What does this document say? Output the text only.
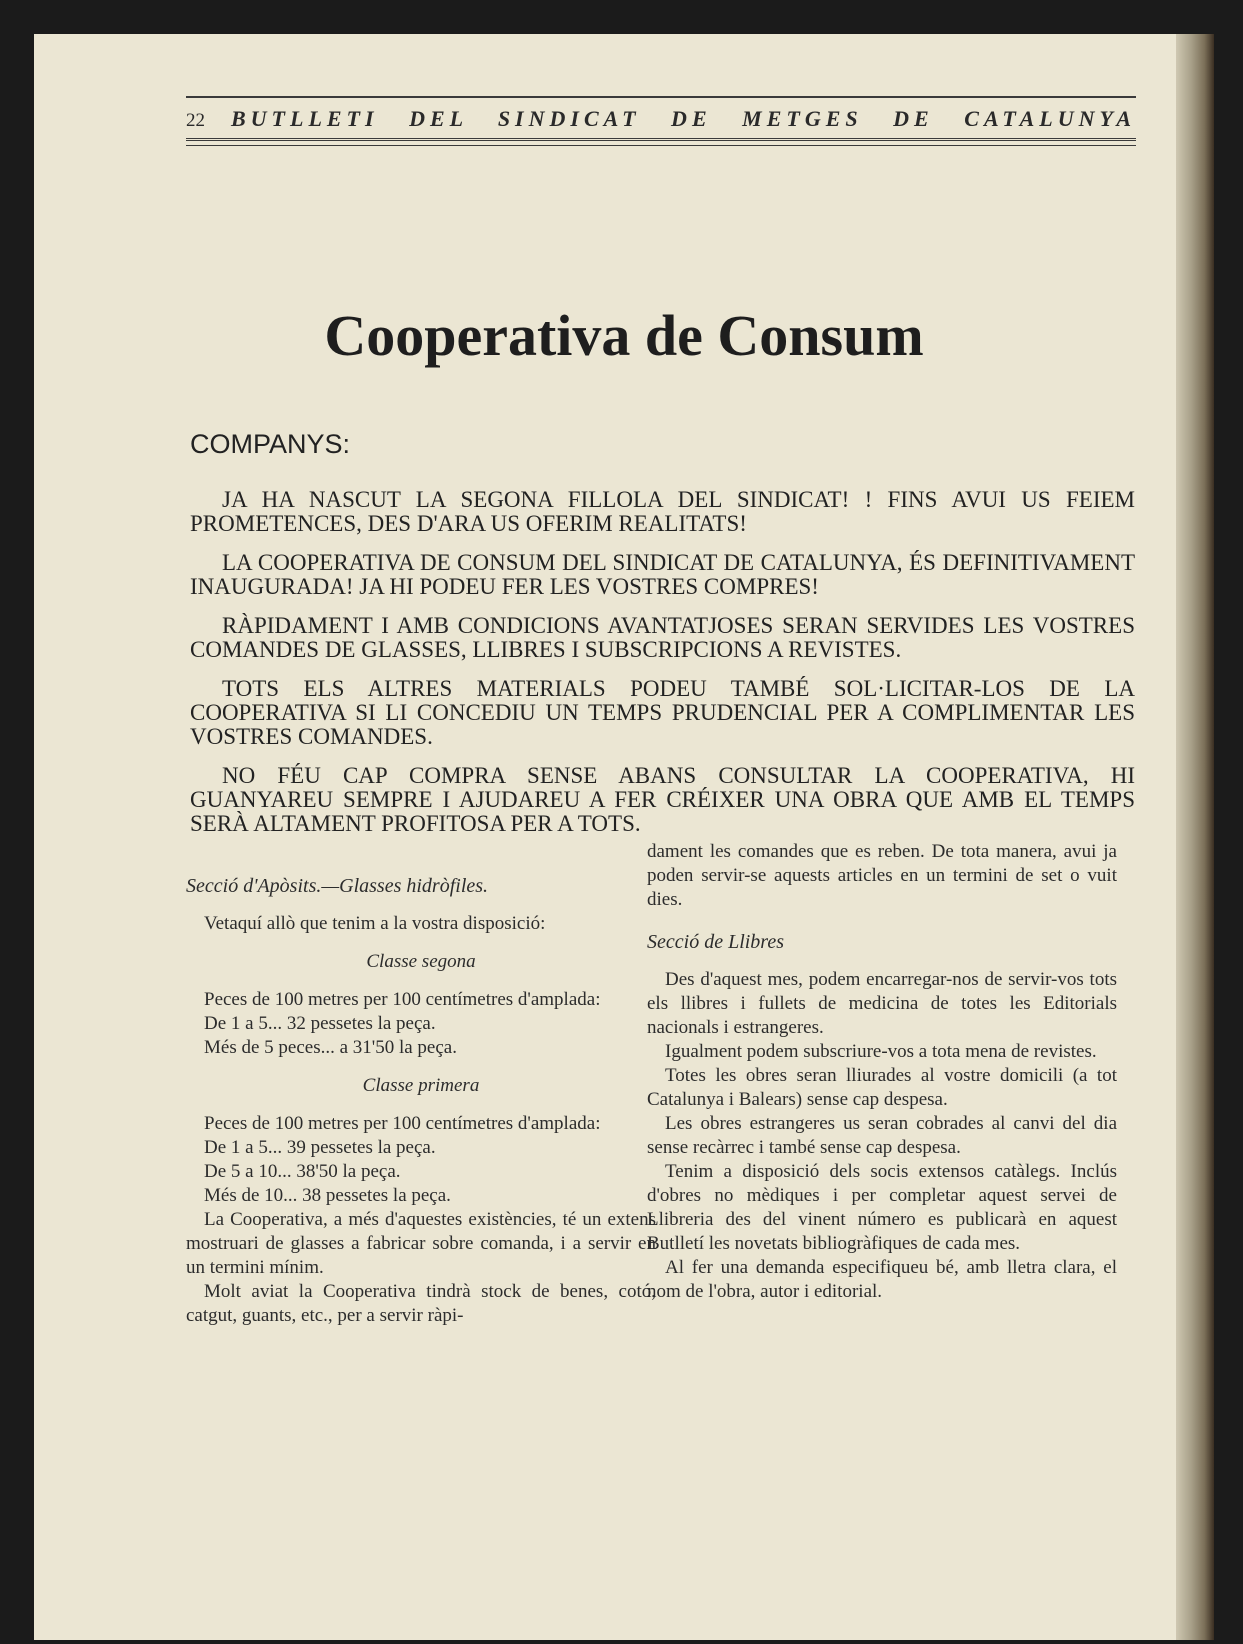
22 BUTLLETI DEL SINDICAT DE METGES DE CATALUNYA
Cooperativa de Consum
COMPANYS:

JA HA NASCUT LA SEGONA FILLOLA DEL SINDICAT! ! FINS AVUI US FEIEM PROMETENCES, DES D'ARA US OFERIM REALITATS!

LA COOPERATIVA DE CONSUM DEL SINDICAT DE CATALUNYA, ÉS DEFINITIVAMENT INAUGURADA! JA HI PODEU FER LES VOSTRES COMPRES!

RÀPIDAMENT I AMB CONDICIONS AVANTATJOSES SERAN SERVIDES LES VOSTRES COMANDES DE GLASSES, LLIBRES I SUBSCRIPCIONS A REVISTES.

TOTS ELS ALTRES MATERIALS PODEU TAMBÉ SOL·LICITAR-LOS DE LA COOPERATIVA SI LI CONCEDIU UN TEMPS PRUDENCIAL PER A COMPLIMENTAR LES VOSTRES COMANDES.

NO FÉU CAP COMPRA SENSE ABANS CONSULTAR LA COOPERATIVA, HI GUANYAREU SEMPRE I AJUDAREU A FER CRÉIXER UNA OBRA QUE AMB EL TEMPS SERÀ ALTAMENT PROFITOSA PER A TOTS.

Secció d'Apòsits.—Glasses hidròfiles.

Vetaquí allò que tenim a la vostra disposició:

Classe segona

Peces de 100 metres per 100 centímetres d'amplada:

De 1 a 5... 32 pessetes la peça.

Més de 5 peces... a 31'50 la peça.

Classe primera

Peces de 100 metres per 100 centímetres d'amplada:

De 1 a 5... 39 pessetes la peça.

De 5 a 10... 38'50 la peça.

Més de 10... 38 pessetes la peça.

La Cooperativa, a més d'aquestes existències, té un extens mostruari de glasses a fabricar sobre comanda, i a servir en un termini mínim.

Molt aviat la Cooperativa tindrà stock de benes, cotó, catgut, guants, etc., per a servir ràpi-

dament les comandes que es reben. De tota manera, avui ja poden servir-se aquests articles en un termini de set o vuit dies.

Secció de Llibres

Des d'aquest mes, podem encarregar-nos de servir-vos tots els llibres i fullets de medicina de totes les Editorials nacionals i estrangeres.

Igualment podem subscriure-vos a tota mena de revistes.

Totes les obres seran lliurades al vostre domicili (a tot Catalunya i Balears) sense cap despesa.

Les obres estrangeres us seran cobrades al canvi del dia sense recàrrec i també sense cap despesa.

Tenim a disposició dels socis extensos catàlegs. Inclús d'obres no mèdiques i per completar aquest servei de Llibreria des del vinent número es publicarà en aquest Butlletí les novetats bibliogràfiques de cada mes.

Al fer una demanda especifiqueu bé, amb lletra clara, el nom de l'obra, autor i editorial.
